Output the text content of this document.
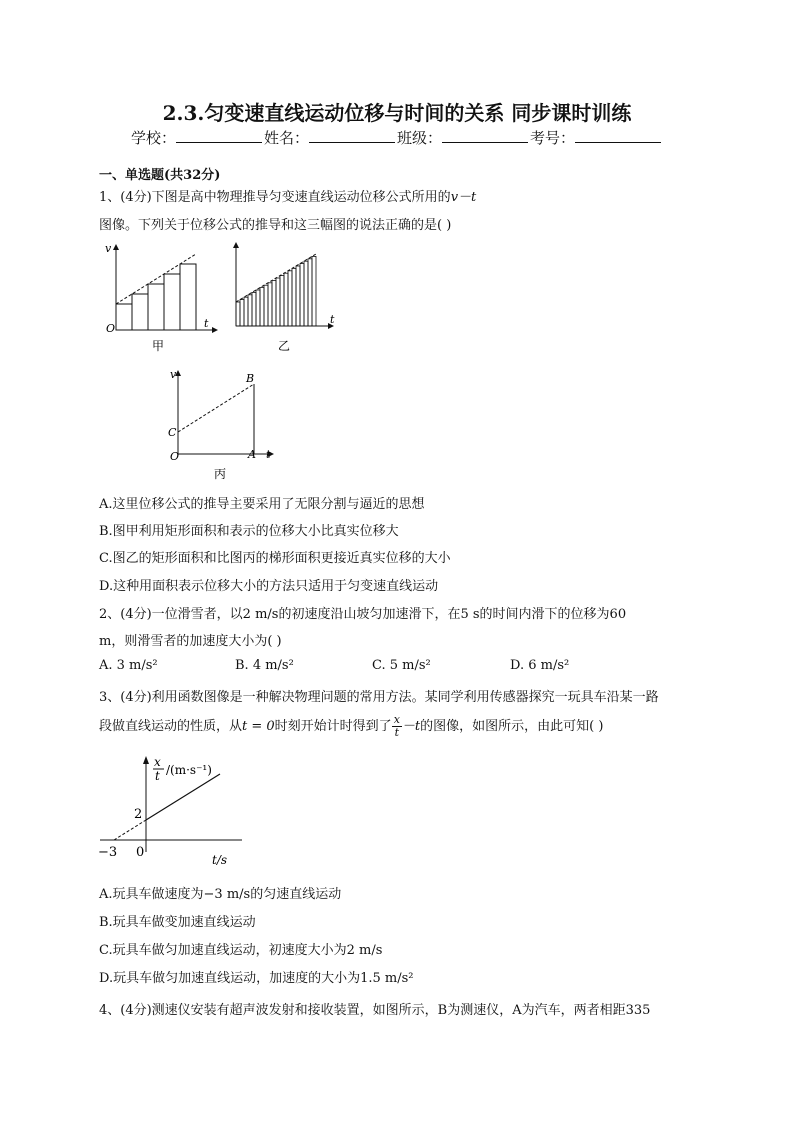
2.3.匀变速直线运动位移与时间的关系 同步课时训练
学校：	姓名：	班级：	考号：
一、单选题(共32分)
1、(4分)下图是高中物理推导匀变速直线运动位移公式所用的v－t
图像。下列关于位移公式的推导和这三幅图的说法正确的是( )
v
t
O
甲
t
乙
v	B
C
A t
O
丙
A.这里位移公式的推导主要采用了无限分割与逼近的思想
B.图甲利用矩形面积和表示的位移大小比真实位移大
C.图乙的矩形面积和比图丙的梯形面积更接近真实位移的大小
D.这种用面积表示位移大小的方法只适用于匀变速直线运动
2、(4分)一位滑雪者，以2 m/s的初速度沿山坡匀加速滑下，在5 s的时间内滑下的位移为60
m，则滑雪者的加速度大小为( )
A. 3 m/s²	B. 4 m/s²	C. 5 m/s²	D. 6 m/s²
3、(4分)利用函数图像是一种解决物理问题的常用方法。某同学利用传感器探究一玩具车沿某一路
段做直线运动的性质，从t = 0时刻开始计时得到了 $\frac{x}{t} -t$的图像，如图所示，由此可知( )
x
t /(m·s⁻¹)
2
−3 0	t/s
A.玩具车做速度为−3 m/s的匀速直线运动
B.玩具车做变加速直线运动
C.玩具车做匀加速直线运动，初速度大小为2 m/s
D.玩具车做匀加速直线运动，加速度的大小为1.5 m/s²
4、(4分)测速仪安装有超声波发射和接收装置，如图所示，B为测速仪，A为汽车，两者相距335
